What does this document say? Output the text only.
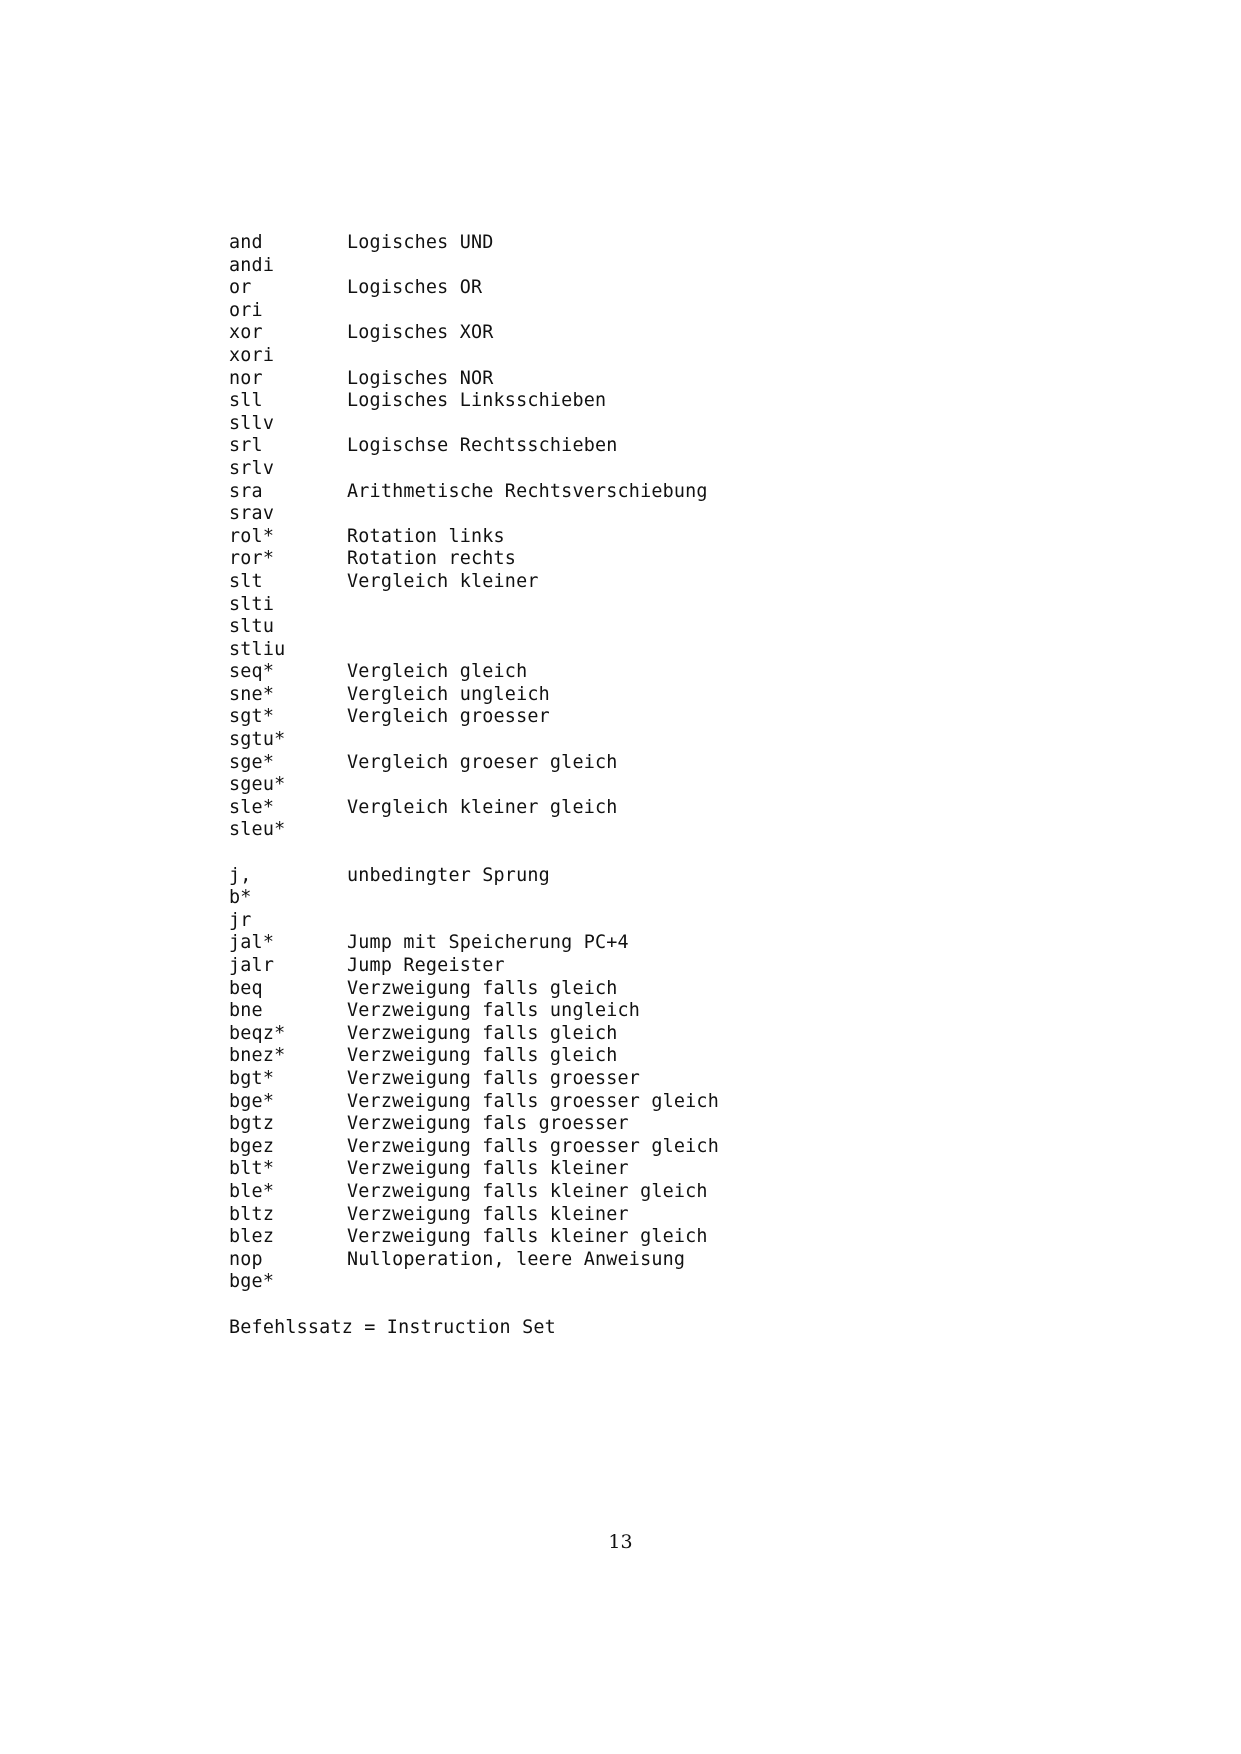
and	Logisches UND
andi
or	Logisches OR
ori
xor	Logisches XOR
xori
nor	Logisches NOR
sll	Logisches Linksschieben
sllv
srl	Logischse Rechtsschieben
srlv
sra	Arithmetische Rechtsverschiebung
srav
rol*	Rotation links
ror*	Rotation rechts
slt	Vergleich kleiner
slti
sltu
stliu
seq*	Vergleich gleich
sne*	Vergleich ungleich
sgt*	Vergleich groesser
sgtu*
sge*	Vergleich groeser gleich
sgeu*
sle*	Vergleich kleiner gleich
sleu*
j,	unbedingter Sprung
b*
jr
jal*	Jump mit Speicherung PC+4
jalr	Jump Regeister
beq	Verzweigung falls gleich
bne	Verzweigung falls ungleich
beqz*	Verzweigung falls gleich
bnez*	Verzweigung falls gleich
bgt*	Verzweigung falls groesser
bge*	Verzweigung falls groesser gleich
bgtz	Verzweigung fals groesser
bgez	Verzweigung falls groesser gleich
blt*	Verzweigung falls kleiner
ble*	Verzweigung falls kleiner gleich
bltz	Verzweigung falls kleiner
blez	Verzweigung falls kleiner gleich
nop	Nulloperation, leere Anweisung
bge*
Befehlssatz = Instruction Set
13
